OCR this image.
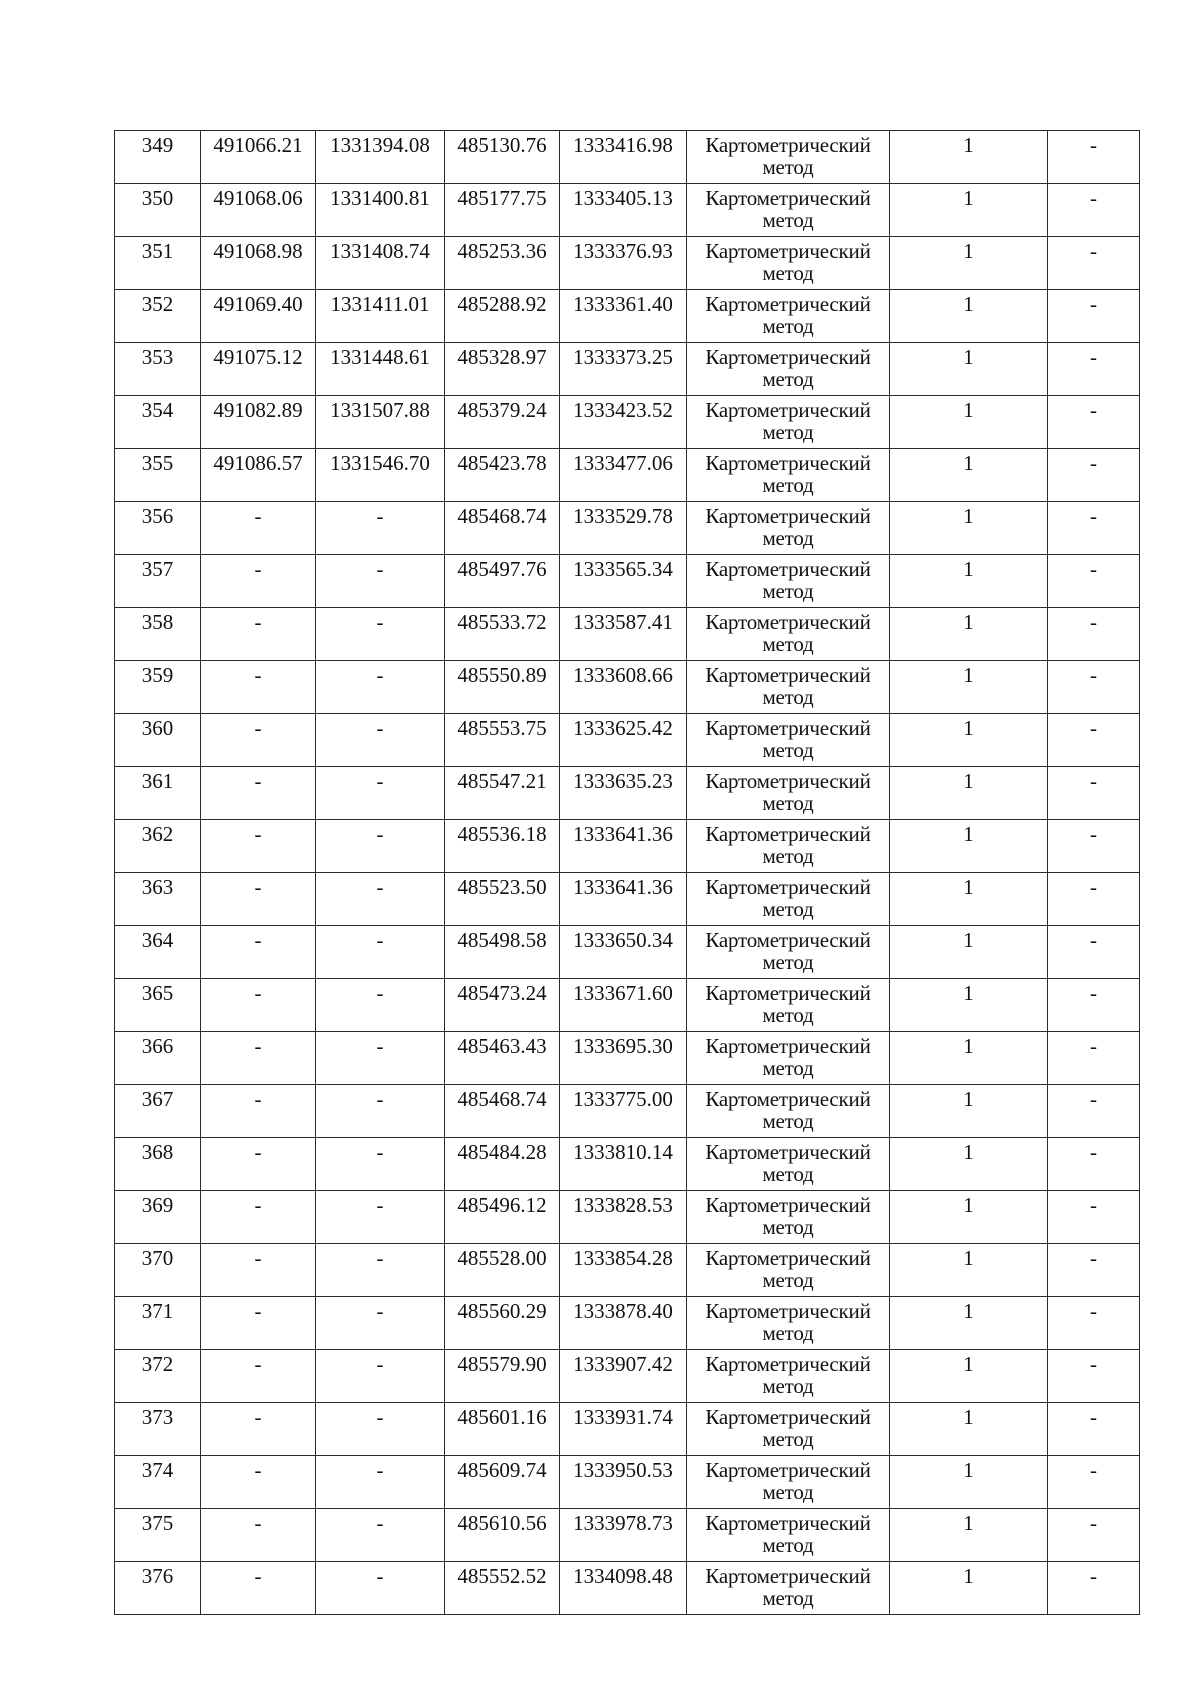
349	491066.21	1331394.08	485130.76	1333416.98	Картометрический метод	1	-
350	491068.06	1331400.81	485177.75	1333405.13	Картометрический метод	1	-
351	491068.98	1331408.74	485253.36	1333376.93	Картометрический метод	1	-
352	491069.40	1331411.01	485288.92	1333361.40	Картометрический метод	1	-
353	491075.12	1331448.61	485328.97	1333373.25	Картометрический метод	1	-
354	491082.89	1331507.88	485379.24	1333423.52	Картометрический метод	1	-
355	491086.57	1331546.70	485423.78	1333477.06	Картометрический метод	1	-
356	-	-	485468.74	1333529.78	Картометрический метод	1	-
357	-	-	485497.76	1333565.34	Картометрический метод	1	-
358	-	-	485533.72	1333587.41	Картометрический метод	1	-
359	-	-	485550.89	1333608.66	Картометрический метод	1	-
360	-	-	485553.75	1333625.42	Картометрический метод	1	-
361	-	-	485547.21	1333635.23	Картометрический метод	1	-
362	-	-	485536.18	1333641.36	Картометрический метод	1	-
363	-	-	485523.50	1333641.36	Картометрический метод	1	-
364	-	-	485498.58	1333650.34	Картометрический метод	1	-
365	-	-	485473.24	1333671.60	Картометрический метод	1	-
366	-	-	485463.43	1333695.30	Картометрический метод	1	-
367	-	-	485468.74	1333775.00	Картометрический метод	1	-
368	-	-	485484.28	1333810.14	Картометрический метод	1	-
369	-	-	485496.12	1333828.53	Картометрический метод	1	-
370	-	-	485528.00	1333854.28	Картометрический метод	1	-
371	-	-	485560.29	1333878.40	Картометрический метод	1	-
372	-	-	485579.90	1333907.42	Картометрический метод	1	-
373	-	-	485601.16	1333931.74	Картометрический метод	1	-
374	-	-	485609.74	1333950.53	Картометрический метод	1	-
375	-	-	485610.56	1333978.73	Картометрический метод	1	-
376	-	-	485552.52	1334098.48	Картометрический метод	1	-
